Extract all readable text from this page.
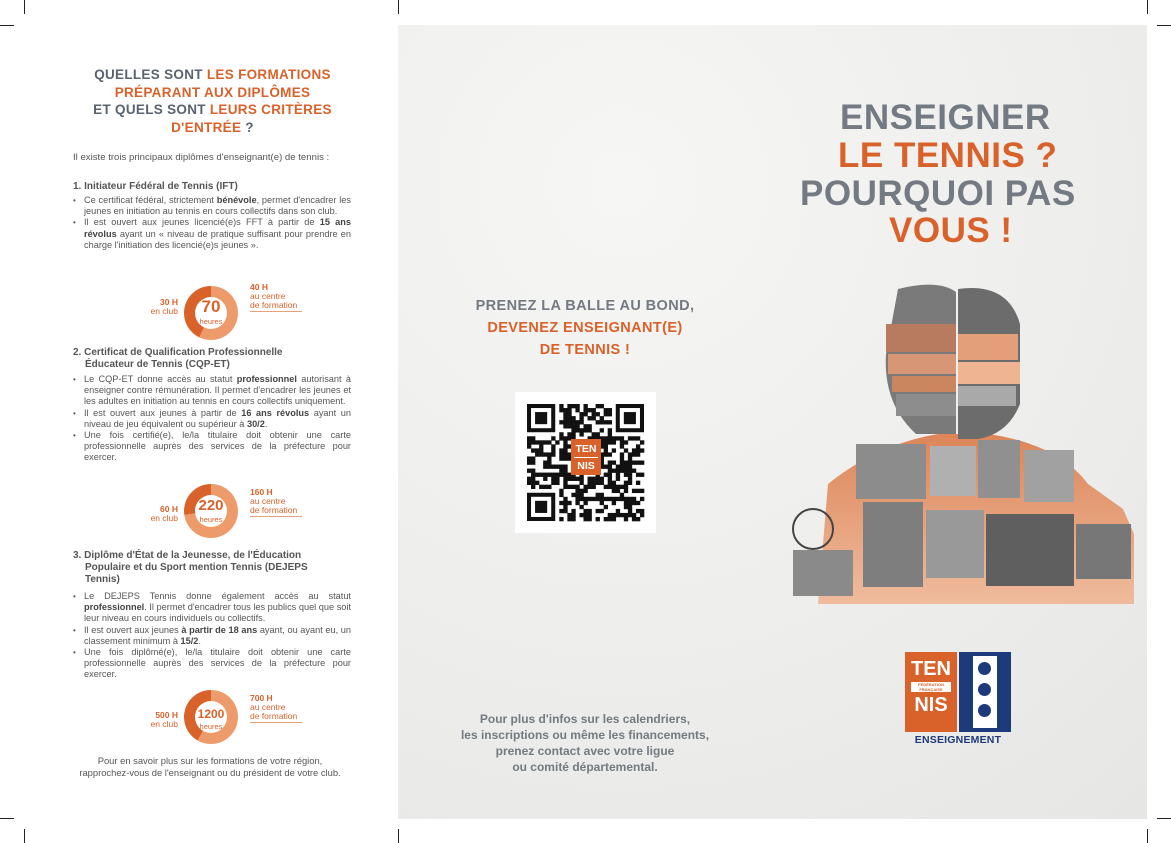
QUELLES SONT LES FORMATIONS
PRÉPARANT AUX DIPLÔMES
ET QUELS SONT LEURS CRITÈRES
D'ENTRÉE ?
Il existe trois principaux diplômes d'enseignant(e) de tennis :
1. Initiateur Fédéral de Tennis (IFT)
• Ce certificat fédéral, strictement bénévole, permet d'encadrer les jeunes en initiation au tennis en cours collectifs dans son club.
• Il est ouvert aux jeunes licencié(e)s FFT à partir de 15 ans révolus ayant un « niveau de pratique suffisant pour prendre en charge l'initiation des licencié(e)s jeunes ».
30 H
en club	70
heures
40 H
au centre
de formation
2. Certificat de Qualification Professionnelle
Éducateur de Tennis (CQP-ET)
• Le CQP-ET donne accès au statut professionnel autorisant à enseigner contre rémunération. Il permet d'encadrer les jeunes et les adultes en initiation au tennis en cours collectifs uniquement.
• Il est ouvert aux jeunes à partir de 16 ans révolus ayant un niveau de jeu équivalent ou supérieur à 30/2.
• Une fois certifié(e), le/la titulaire doit obtenir une carte professionnelle auprès des services de la préfecture pour exercer.
60 H
en club
220
heures
160 H
au centre
de formation
3. Diplôme d'État de la Jeunesse, de l'Éducation
Populaire et du Sport mention Tennis (DEJEPS
Tennis)
• Le DEJEPS Tennis donne également accès au statut professionnel. Il permet d'encadrer tous les publics quel que soit leur niveau en cours individuels ou collectifs.
• Il est ouvert aux jeunes à partir de 18 ans ayant, ou ayant eu, un classement minimum à 15/2.
• Une fois diplômé(e), le/la titulaire doit obtenir une carte professionnelle auprès des services de la préfecture pour exercer.
500 H
en club
1200
heures
700 H
au centre
de formation
Pour en savoir plus sur les formations de votre région,
rapprochez-vous de l'enseignant ou du président de votre club.
ENSEIGNER
LE TENNIS ?
POURQUOI PAS
VOUS !
PRENEZ LA BALLE AU BOND,
DEVENEZ ENSEIGNANT(E)
DE TENNIS !
TEN
NIS
Pour plus d'infos sur les calendriers,
les inscriptions ou même les financements,
prenez contact avec votre ligue
ou comité départemental.
TEN
FÉDÉRATION FRANÇAISE
NIS
ENSEIGNEMENT
